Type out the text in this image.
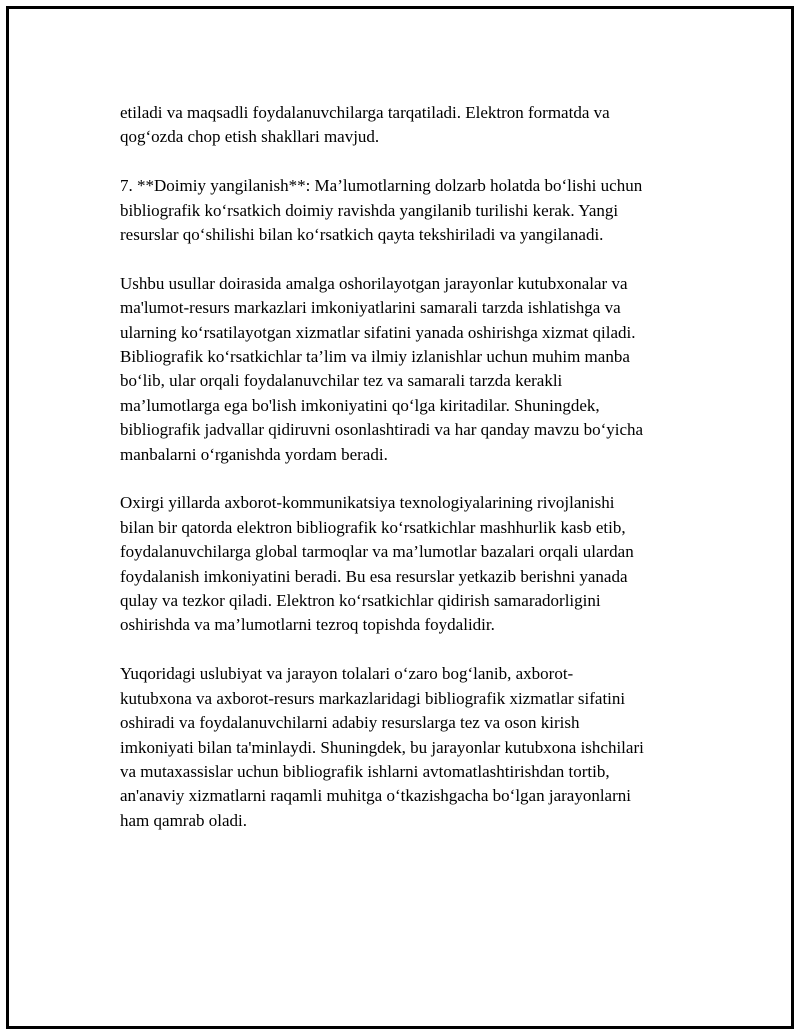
etiladi va maqsadli foydalanuvchilarga tarqatiladi. Elektron formatda va
qog‘ozda chop etish shakllari mavjud.

7. **Doimiy yangilanish**: Ma’lumotlarning dolzarb holatda bo‘lishi uchun
bibliografik ko‘rsatkich doimiy ravishda yangilanib turilishi kerak. Yangi
resurslar qo‘shilishi bilan ko‘rsatkich qayta tekshiriladi va yangilanadi.

Ushbu usullar doirasida amalga oshorilayotgan jarayonlar kutubxonalar va
ma'lumot-resurs markazlari imkoniyatlarini samarali tarzda ishlatishga va
ularning ko‘rsatilayotgan xizmatlar sifatini yanada oshirishga xizmat qiladi.
Bibliografik ko‘rsatkichlar ta’lim va ilmiy izlanishlar uchun muhim manba
bo‘lib, ular orqali foydalanuvchilar tez va samarali tarzda kerakli
ma’lumotlarga ega bo'lish imkoniyatini qo‘lga kiritadilar. Shuningdek,
bibliografik jadvallar qidiruvni osonlashtiradi va har qanday mavzu bo‘yicha
manbalarni o‘rganishda yordam beradi.

Oxirgi yillarda axborot-kommunikatsiya texnologiyalarining rivojlanishi
bilan bir qatorda elektron bibliografik ko‘rsatkichlar mashhurlik kasb etib,
foydalanuvchilarga global tarmoqlar va ma’lumotlar bazalari orqali ulardan
foydalanish imkoniyatini beradi. Bu esa resurslar yetkazib berishni yanada
qulay va tezkor qiladi. Elektron ko‘rsatkichlar qidirish samaradorligini
oshirishda va ma’lumotlarni tezroq topishda foydalidir.

Yuqoridagi uslubiyat va jarayon tolalari o‘zaro bog‘lanib, axborot-
kutubxona va axborot-resurs markazlaridagi bibliografik xizmatlar sifatini
oshiradi va foydalanuvchilarni adabiy resurslarga tez va oson kirish
imkoniyati bilan ta'minlaydi. Shuningdek, bu jarayonlar kutubxona ishchilari
va mutaxassislar uchun bibliografik ishlarni avtomatlashtirishdan tortib,
an'anaviy xizmatlarni raqamli muhitga o‘tkazishgacha bo‘lgan jarayonlarni
ham qamrab oladi.
